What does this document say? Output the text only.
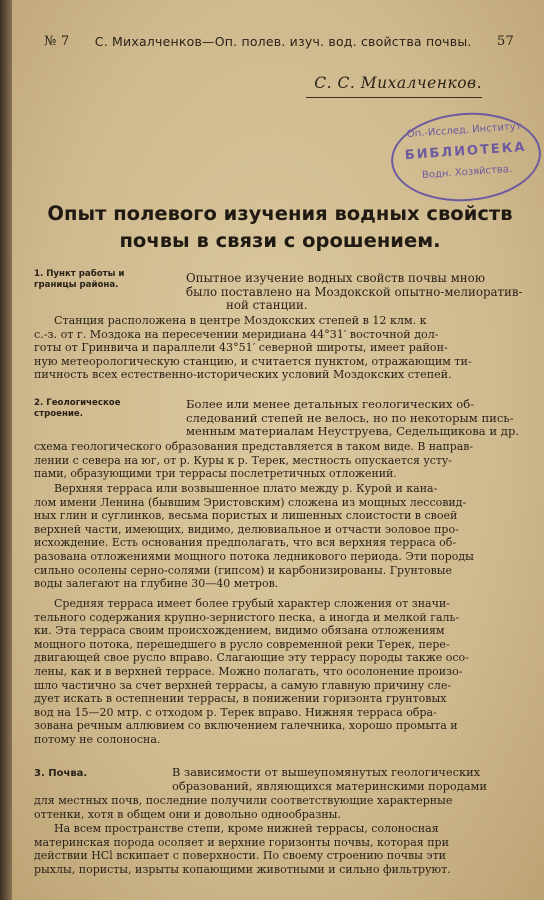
№ 7 С. Михалченков—Оп. полев. изуч. вод. свойства почвы. 57
С. С. Михалченков.
Оп.-Исслед. Институт
БИБЛИОТЕКА
Водн. Хозяйства.
Опыт полевого изучения водных свойств
почвы в связи с орошением.
1. Пункт работы и границы района.	Опытное изучение водных свойств почвы мною

было поставлено на Моздокской опытно-мелиоратив-

ной станции.

Станция расположена в центре Моздокских степей в 12 клм. к

с.-з. от г. Моздока на пересечении меридиана 44°31′ восточной дол-

готы от Гринвича и параллели 43°51′ северной широты, имеет район-

ную метеорологическую станцию, и считается пунктом, отражающим ти-

пичность всех естественно-исторических условий Моздокских степей.

2. Геологическое строение.

Более или менее детальных геологических об-

следований степей не велось, но по некоторым пись-

менным материалам Неуструева, Седельщикова и др.

схема геологического образования представляется в таком виде. В направ-

лении с севера на юг, от р. Куры к р. Терек, местность опускается усту-

пами, образующими три террасы послетретичных отложений.

Верхняя терраса или возвышенное плато между р. Курой и кана-

лом имени Ленина (бывшим Эристовским) сложена из мощных лессовид-

ных глин и суглинков, весьма пористых и лишенных слоистости в своей

верхней части, имеющих, видимо, делювиальное и отчасти эоловое про-

исхождение. Есть основания предполагать, что вся верхняя терраса об-

разована отложениями мощного потока ледникового периода. Эти породы

сильно осолены серно-солями (гипсом) и карбонизированы. Грунтовые

воды залегают на глубине 30—40 метров.

Средняя терраса имеет более грубый характер сложения от значи-

тельного содержания крупно-зернистого песка, а иногда и мелкой галь-

ки. Эта терраса своим происхождением, видимо обязана отложениям

мощного потока, перешедшего в русло современной реки Терек, пере-

двигающей свое русло вправо. Слагающие эту террасу породы также осо-

лены, как и в верхней террасе. Можно полагать, что осолонение произо-

шло частично за счет верхней террасы, а самую главную причину сле-

дует искать в остепнении террасы, в понижении горизонта грунтовых

вод на 15—20 мтр. с отходом р. Терек вправо. Нижняя терраса обра-

зована речным аллювием со включением галечника, хорошо промыта и

потому не солоноcна.

3. Почва.	В зависимости от вышеупомянутых геологических

образований, являющихся материнскими породами

для местных почв, последние получили соответствующие характерные

оттенки, хотя в общем они и довольно однообразны.

На всем пространстве степи, кроме нижней террасы, солоносная

материнская порода осоляет и верхние горизонты почвы, которая при

действии HCl вскипает с поверхности. По своему строению почвы эти

рыхлы, пористы, изрыты копающими животными и сильно фильтруют.
